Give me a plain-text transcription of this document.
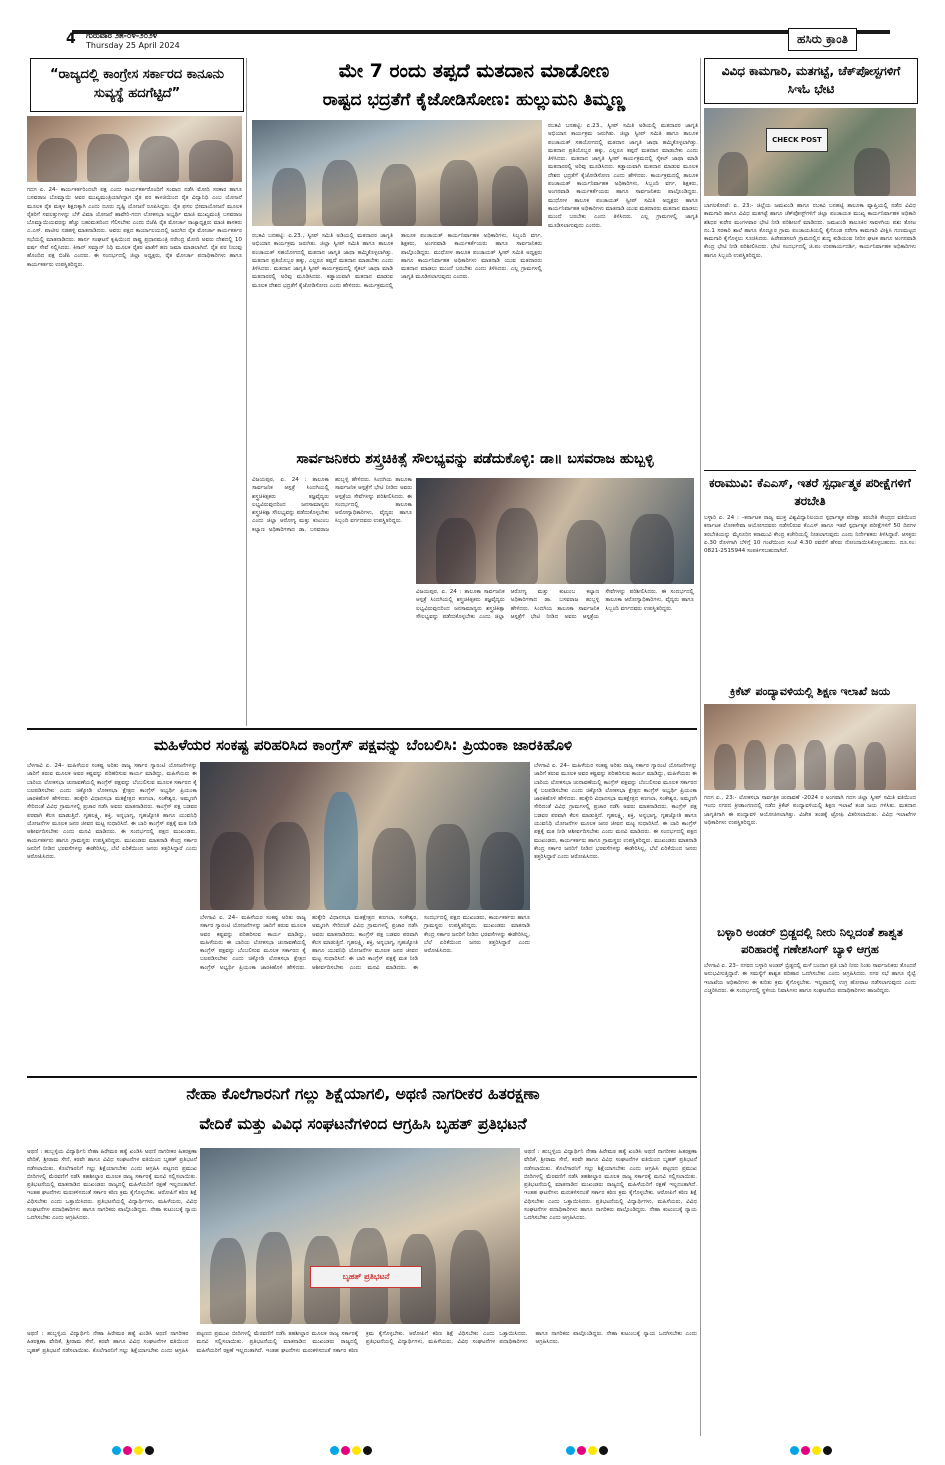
4 ಗುರುವಾರ ೨೫-೦೪-೨೦೨೪
Thursday 25 April 2024	ಹಸಿರು ಕ್ರಾಂತಿ
“ರಾಜ್ಯದಲ್ಲಿ ಕಾಂಗ್ರೇಸ ಸರ್ಕಾರದ ಕಾನೂನು ಸುವ್ಯಸ್ಥೆ ಹದಗೆಟ್ಟಿದೆ”
ಗದಗ ಏ. 24- ಕಾರ್ಯಕರ್ತರಿಂದಲೇ ಪಕ್ಷ ಎಂದು ಸಾರ್ಯಕರ್ತರೊಂದಿಗೆ ಸಂವಾದ ನಡೆಸಿ ಮೋದಿ ಸರಕಾರ ಹಾಗೂ ಬಸವರಾಜ ಬೊಮ್ಮಾಯಿ ಅವರ ಮುಖ್ಯಮಂತ್ರಿಯಾಗಿದ್ದಾಗ ರೈತ ಪರ ಕಾಳಜಿಯಿಂದ ರೈತ ವಿದ್ಯಾನಿಧಿ ಎಂಬ ಯೋಜನೆ ಮೂಲಕ ರೈತ ಮಕ್ಕಳ ಶಿಕ್ಷಣಕ್ಕಾಗಿ ಎಂದು ದೂರು ದೃಷ್ಟಿ ಯೋಜನೆ ರೂಪಿಸಿದ್ದರು. ರೈತ ಫಸಲ ಭೀಮಾಯೋಜನೆ ಮೂಲಕ ರೈತರಿಗೆ ಸವಲತ್ತುಗಳನ್ನು ಬೆಳೆ ವಿಮಾ ಯೋಜನೆ ಹಾವೇರಿ-ಗದಗ ಲೋಕಸಭಾ ಅಭ್ಯರ್ಥಿ ಮಾಜಿ ಮುಖ್ಯಮಂತ್ರಿ ಬಸವರಾಜ ಬೊಮ್ಮಾಯಿಯವರನ್ನು ಹೆಚ್ಚು ಬಹುಮತದಿಂದ ಗೆಲಿಸಬೇಕು ಎಂದು ಬಿಜೆಪಿ ರೈತ ಮೋರ್ಚಾ ರಾಜ್ಯಾಧ್ಯಕ್ಷರು ಮಾಜಿ ಶಾಸಕರು ಎ.ಎಸ್. ಪಾಟೀಲ ನಡಹಳ್ಳಿ ಮಾತನಾಡಿದರು. ಅವರು ಪಕ್ಷದ ಕಾರ್ಯಾಲಯದಲ್ಲಿ ಜರುಗಿದ ರೈತ ಮೋರ್ಚಾ ಕಾರ್ಯಕರ್ತರ ಸಭೆಯಲ್ಲಿ ಮಾತನಾಡಿದರು. ಹಾರ್ನ ಸಂಘಟನೆ ಕೃಷಿಯಿಂದ ರಾಷ್ಟ್ರ ಪ್ರಧಾನಮಂತ್ರಿ ನರೇಂದ್ರ ಮೋದಿ ಅವರು ದೇಶದಲ್ಲಿ 10 ವರ್ಷ ಸೇವೆ ಸಲ್ಲಿಸಿದರು. ಕಿಸಾನ್ ಸಮ್ಮಾನ್ ನಿಧಿ ಮೂಲಕ ರೈತರ ಖಾತೆಗೆ ಹಣ ಜಮಾ ಮಾಡಲಾಗಿದೆ. ರೈತ ಪರ ನಿಲುವು ಹೊಂದಿದ ಪಕ್ಷ ಬಿಜೆಪಿ ಎಂದರು. ಈ ಸಂದರ್ಭದಲ್ಲಿ ಜಿಲ್ಲಾ ಅಧ್ಯಕ್ಷರು, ರೈತ ಮೋರ್ಚಾ ಪದಾಧಿಕಾರಿಗಳು ಹಾಗೂ ಕಾರ್ಯಕರ್ತರು ಉಪಸ್ಥಿತರಿದ್ದರು.
ಮೇ 7 ರಂದು ತಪ್ಪದೆ ಮತದಾನ ಮಾಡೋಣ
ರಾಷ್ಟದ ಭದ್ರತೆಗೆ ಕೈಜೋಡಿಸೋಣ: ಹುಲ್ಲುಮನಿ ತಿಮ್ಮಣ್ಣ
ರಬಕವಿ ಬನಹಟ್ಟಿ: ಏ.23., ಸ್ವೀಪ್ ಸಮಿತಿ ಅಡಿಯಲ್ಲಿ ಮತದಾರರ ಜಾಗೃತಿ ಅಭಿಯಾನ ಕಾರ್ಯಕ್ರಮ ಜರುಗಿತು. ಜಿಲ್ಲಾ ಸ್ವೀಪ್ ಸಮಿತಿ ಹಾಗೂ ತಾಲೂಕ ಪಂಚಾಯತ್ ಸಹಯೋಗದಲ್ಲಿ ಮತದಾನ ಜಾಗೃತಿ ಜಾಥಾ ಹಮ್ಮಿಕೊಳ್ಳಲಾಗಿತ್ತು. ಮತದಾನ ಪ್ರತಿಯೊಬ್ಬರ ಹಕ್ಕು, ಎಲ್ಲರೂ ತಪ್ಪದೆ ಮತದಾನ ಮಾಡಬೇಕು ಎಂದು ತಿಳಿಸಿದರು. ಮತದಾನ ಜಾಗೃತಿ ಸ್ವೀಪ್ ಕಾರ್ಯಕ್ರಮದಲ್ಲಿ ಸೈಕಲ್ ಜಾಥಾ ಮಾಡಿ ಮತದಾರರಲ್ಲಿ ಅರಿವು ಮೂಡಿಸಿದರು. ಕಡ್ಡಾಯವಾಗಿ ಮತದಾನ ಮಾಡುವ ಮೂಲಕ ದೇಶದ ಭದ್ರತೆಗೆ ಕೈಜೋಡಿಸೋಣ ಎಂದು ಹೇಳಿದರು. ಕಾರ್ಯಕ್ರಮದಲ್ಲಿ ತಾಲೂಕ ಪಂಚಾಯತ್ ಕಾರ್ಯನಿರ್ವಾಹಕ ಅಧಿಕಾರಿಗಳು, ಸಿಬ್ಬಂದಿ ವರ್ಗ, ಶಿಕ್ಷಕರು, ಅಂಗನವಾಡಿ ಕಾರ್ಯಕರ್ತೆಯರು ಹಾಗೂ ಸಾರ್ವಜನಿಕರು ಪಾಲ್ಗೊಂಡಿದ್ದರು. ಮುಧೋಳ ತಾಲೂಕ ಪಂಚಾಯತ್ ಸ್ವೀಪ್ ಸಮಿತಿ ಅಧ್ಯಕ್ಷರು ಹಾಗೂ ಕಾರ್ಯನಿರ್ವಾಹಕ ಅಧಿಕಾರಿಗಳು ಮಾತನಾಡಿ ಯುವ ಮತದಾರರು ಮತದಾನ ಮಾಡಲು ಮುಂದೆ ಬರಬೇಕು ಎಂದು ತಿಳಿಸಿದರು. ಎಲ್ಲ ಗ್ರಾಮಗಳಲ್ಲಿ ಜಾಗೃತಿ ಮೂಡಿಸಲಾಗುವುದು ಎಂದರು.
ರಬಕವಿ ಬನಹಟ್ಟಿ: ಏ.23., ಸ್ವೀಪ್ ಸಮಿತಿ ಅಡಿಯಲ್ಲಿ ಮತದಾರರ ಜಾಗೃತಿ ಅಭಿಯಾನ ಕಾರ್ಯಕ್ರಮ ಜರುಗಿತು. ಜಿಲ್ಲಾ ಸ್ವೀಪ್ ಸಮಿತಿ ಹಾಗೂ ತಾಲೂಕ ಪಂಚಾಯತ್ ಸಹಯೋಗದಲ್ಲಿ ಮತದಾನ ಜಾಗೃತಿ ಜಾಥಾ ಹಮ್ಮಿಕೊಳ್ಳಲಾಗಿತ್ತು. ಮತದಾನ ಪ್ರತಿಯೊಬ್ಬರ ಹಕ್ಕು, ಎಲ್ಲರೂ ತಪ್ಪದೆ ಮತದಾನ ಮಾಡಬೇಕು ಎಂದು ತಿಳಿಸಿದರು. ಮತದಾನ ಜಾಗೃತಿ ಸ್ವೀಪ್ ಕಾರ್ಯಕ್ರಮದಲ್ಲಿ ಸೈಕಲ್ ಜಾಥಾ ಮಾಡಿ ಮತದಾರರಲ್ಲಿ ಅರಿವು ಮೂಡಿಸಿದರು. ಕಡ್ಡಾಯವಾಗಿ ಮತದಾನ ಮಾಡುವ ಮೂಲಕ ದೇಶದ ಭದ್ರತೆಗೆ ಕೈಜೋಡಿಸೋಣ ಎಂದು ಹೇಳಿದರು. ಕಾರ್ಯಕ್ರಮದಲ್ಲಿ ತಾಲೂಕ ಪಂಚಾಯತ್ ಕಾರ್ಯನಿರ್ವಾಹಕ ಅಧಿಕಾರಿಗಳು, ಸಿಬ್ಬಂದಿ ವರ್ಗ, ಶಿಕ್ಷಕರು, ಅಂಗನವಾಡಿ ಕಾರ್ಯಕರ್ತೆಯರು ಹಾಗೂ ಸಾರ್ವಜನಿಕರು ಪಾಲ್ಗೊಂಡಿದ್ದರು. ಮುಧೋಳ ತಾಲೂಕ ಪಂಚಾಯತ್ ಸ್ವೀಪ್ ಸಮಿತಿ ಅಧ್ಯಕ್ಷರು ಹಾಗೂ ಕಾರ್ಯನಿರ್ವಾಹಕ ಅಧಿಕಾರಿಗಳು ಮಾತನಾಡಿ ಯುವ ಮತದಾರರು ಮತದಾನ ಮಾಡಲು ಮುಂದೆ ಬರಬೇಕು ಎಂದು ತಿಳಿಸಿದರು. ಎಲ್ಲ ಗ್ರಾಮಗಳಲ್ಲಿ ಜಾಗೃತಿ ಮೂಡಿಸಲಾಗುವುದು ಎಂದರು.
ಸಾರ್ವಜನಿಕರು ಶಸ್ತ್ರಚಿಕಿತ್ಸೆ ಸೌಲಭ್ಯವನ್ನು ಪಡೆದುಕೊಳ್ಳಿ: ಡಾ॥ ಬಸವರಾಜ ಹುಬ್ಬಳ್ಳಿ
ವಿಜಯಪುರ, ಏ. 24 : ತಾಲೂಕಾ ಸಾರ್ವಜನಿಕ ಆಸ್ಪತ್ರೆ ಸಿಂದಗಿಯಲ್ಲಿ ಶಸ್ತ್ರಚಿಕಿತ್ಸಕರು ತಜ್ಞವೈದ್ಯರು ಲಭ್ಯವಿರುವುದರಿಂದ ಜನಸಾಮಾನ್ಯರು ಶಸ್ತ್ರಚಿಕಿತ್ಸಾ ಸೌಲಭ್ಯವನ್ನು ಪಡೆದುಕೊಳ್ಳಬೇಕು ಎಂದು ಜಿಲ್ಲಾ ಆರೋಗ್ಯ ಮತ್ತು ಕುಟುಂಬ ಕಲ್ಯಾಣ ಅಧಿಕಾರಿಗಳಾದ ಡಾ. ಬಸವರಾಜ ಹುಬ್ಬಳ್ಳಿ ಹೇಳಿದರು. ಸಿಂದಗಿಯ ತಾಲೂಕಾ ಸಾರ್ವಜನಿಕ ಆಸ್ಪತ್ರೆಗೆ ಭೇಟಿ ನೀಡಿದ ಅವರು ಆಸ್ಪತ್ರೆಯ ಸೇವೆಗಳನ್ನು ಪರಿಶೀಲಿಸಿದರು. ಈ ಸಂದರ್ಭದಲ್ಲಿ ತಾಲೂಕಾ ಆರೋಗ್ಯಾಧಿಕಾರಿಗಳು, ವೈದ್ಯರು ಹಾಗೂ ಸಿಬ್ಬಂದಿ ವರ್ಗದವರು ಉಪಸ್ಥಿತರಿದ್ದರು.
ವಿಜಯಪುರ, ಏ. 24 : ತಾಲೂಕಾ ಸಾರ್ವಜನಿಕ ಆಸ್ಪತ್ರೆ ಸಿಂದಗಿಯಲ್ಲಿ ಶಸ್ತ್ರಚಿಕಿತ್ಸಕರು ತಜ್ಞವೈದ್ಯರು ಲಭ್ಯವಿರುವುದರಿಂದ ಜನಸಾಮಾನ್ಯರು ಶಸ್ತ್ರಚಿಕಿತ್ಸಾ ಸೌಲಭ್ಯವನ್ನು ಪಡೆದುಕೊಳ್ಳಬೇಕು ಎಂದು ಜಿಲ್ಲಾ ಆರೋಗ್ಯ ಮತ್ತು ಕುಟುಂಬ ಕಲ್ಯಾಣ ಅಧಿಕಾರಿಗಳಾದ ಡಾ. ಬಸವರಾಜ ಹುಬ್ಬಳ್ಳಿ ಹೇಳಿದರು. ಸಿಂದಗಿಯ ತಾಲೂಕಾ ಸಾರ್ವಜನಿಕ ಆಸ್ಪತ್ರೆಗೆ ಭೇಟಿ ನೀಡಿದ ಅವರು ಆಸ್ಪತ್ರೆಯ ಸೇವೆಗಳನ್ನು ಪರಿಶೀಲಿಸಿದರು. ಈ ಸಂದರ್ಭದಲ್ಲಿ ತಾಲೂಕಾ ಆರೋಗ್ಯಾಧಿಕಾರಿಗಳು, ವೈದ್ಯರು ಹಾಗೂ ಸಿಬ್ಬಂದಿ ವರ್ಗದವರು ಉಪಸ್ಥಿತರಿದ್ದರು.
ವಿವಿಧ ಕಾಮಗಾರಿ, ಮತಗಟ್ಟೆ, ಚೆಕ್‌ಪೋಸ್ಟಗಳಿಗೆ ಸಿಇಓ ಭೇಟಿ
CHECK POST
ಬಾಗಲಕೋಟೆ: ಏ. 23:- ಜಿಲ್ಲೆಯ ಜಮಖಂಡಿ ಹಾಗೂ ರಬಕವಿ ಬನಹಟ್ಟಿ ತಾಲೂಕಾ ವ್ಯಾಪ್ತಿಯಲ್ಲಿ ನಡೆದ ವಿವಿಧ ಕಾಮಗಾರಿ ಹಾಗೂ ವಿವಿಧ ಮತಗಟ್ಟೆ ಹಾಗೂ ಚೆಕ್‌ಪೋಸ್ಟ್‌ಗಳಿಗೆ ಜಿಲ್ಲಾ ಪಂಚಾಯತ ಮುಖ್ಯ ಕಾರ್ಯನಿರ್ವಾಹಕ ಅಧಿಕಾರಿ ಶಶಿಧರ ಕುರೇರ ಮಂಗಳವಾರ ಭೇಟಿ ನೀಡಿ ಪರಿಶೀಲನೆ ಮಾಡಿದರು. ಜಮಖಂಡಿ ತಾಲೂಕಿನ ಸಾವಳಗಿಯ ಪಶು ತೋಟ ನಂ.1 ಸರಕಾರಿ ಶಾಲೆ ಹಾಗೂ ಕೊಣ್ಣೂರ ಗ್ರಾಮ ಪಂಚಾಯತಿಯಲ್ಲಿ ಕೈಗೊಂಡ ನರೇಗಾ ಕಾಮಗಾರಿ ವೀಕ್ಷಿಸಿ ಗುಣಮಟ್ಟದ ಕಾಮಗಾರಿ ಕೈಗೊಳ್ಳಲು ಸೂಚಿಸಿದರು. ಹಿರೇಪಡಸಲಗಿ ಗ್ರಾಮದಲ್ಲಿನ ಶುದ್ದ ಕುಡಿಯುವ ನೀರಿನ ಘಟಕ ಹಾಗೂ ಅಂಗನವಾಡಿ ಕೇಂದ್ರ ಭೇಟಿ ನೀಡಿ ಪರಿಶೀಲಿಸಿದರು. ಭೇಟಿ ಸಂದರ್ಭದಲ್ಲಿ ಜಿ.ಪಂ ಉಪಕಾರ್ಯದರ್ಶಿ, ಕಾರ್ಯನಿರ್ವಾಹಕ ಅಧಿಕಾರಿಗಳು ಹಾಗೂ ಸಿಬ್ಬಂದಿ ಉಪಸ್ಥಿತರಿದ್ದರು.
ಕರಾಮುವಿ: ಕೆಎಎಸ್, ಇತರೆ ಸ್ಪರ್ಧಾತ್ಮಕ ಪರೀಕ್ಷೆಗಳಿಗೆ ತರಬೇತಿ
ಬಳ್ಳಾರಿ ಏ. 24 : –ಕರ್ನಾಟಕ ರಾಜ್ಯ ಮುಕ್ತ ವಿಶ್ವವಿದ್ಯಾನಿಲಯದ ಸ್ಪರ್ಧಾತ್ಮಕ ಪರೀಕ್ಷಾ ತರಬೇತಿ ಕೇಂದ್ರದ ವತಿಯಿಂದ ಕರ್ನಾಟಕ ಲೋಕಸೇವಾ ಆಯೋಗದವರು ನಡೆಸಲಿರುವ ಕೆಎಎಸ್ ಹಾಗೂ ಇತರೆ ಸ್ಪರ್ಧಾತ್ಮಕ ಪರೀಕ್ಷೆಗಳಿಗೆ 50 ದಿನಗಳ ತರಬೇತಿಯನ್ನು ಮೈಸೂರಿನ ಕರಾಮುವಿ ಕೇಂದ್ರ ಕಚೇರಿಯಲ್ಲಿ ನೀಡಲಾಗುವುದು ಎಂದು ನಿರ್ದೇಶಕರು ತಿಳಿಸಿದ್ದಾರೆ. ಆಸಕ್ತರು ಏ.30 ರೊಳಗಾಗಿ ಬೆಳಿಗ್ಗೆ 10 ಗಂಟೆಯಿಂದ ಸಂಜೆ 4.30 ರವರೆಗೆ ಹೆಸರು ನೋಂದಾಯಿಸಿಕೊಳ್ಳಬಹುದು. ದೂ.ಸಂ: 0821-2515944 ಸಂಪರ್ಕಿಸಬಹುದಾಗಿದೆ.
ಕ್ರಿಕೆಟ್ ಪಂದ್ಯಾವಳಿಯಲ್ಲಿ ಶಿಕ್ಷಣ ಇಲಾಖೆ ಜಯ
ಗದಗ ಏ., 23:- ಲೋಕಸಭಾ ಸಾರ್ವತ್ರಿಕ ಚುನಾವಣೆ -2024 ರ ಅಂಗವಾಗಿ ಗದಗ ಜಿಲ್ಲಾ ಸ್ವೀಪ್ ಸಮಿತಿ ವತಿಯಿಂದ ಇಂದು ನಗರದ ಕ್ರೀಡಾಂಗಣದಲ್ಲಿ ನಡೆದ ಕ್ರಿಕೆಟ್ ಪಂದ್ಯಾವಳಿಯಲ್ಲಿ ಶಿಕ್ಷಣ ಇಲಾಖೆ ತಂಡ ಜಯ ಗಳಿಸಿತು. ಮತದಾನ ಜಾಗೃತಿಗಾಗಿ ಈ ಪಂದ್ಯಾವಳಿ ಆಯೋಜಿಸಲಾಗಿತ್ತು. ವಿಜೇತ ತಂಡಕ್ಕೆ ಟ್ರೋಫಿ ವಿತರಿಸಲಾಯಿತು. ವಿವಿಧ ಇಲಾಖೆಗಳ ಅಧಿಕಾರಿಗಳು ಉಪಸ್ಥಿತರಿದ್ದರು.
ಬಳ್ಳಾರಿ ಅಂಡರ್ ಬ್ರಿಡ್ಜದಲ್ಲಿ ನೀರು ನಿಲ್ಲದಂತೆ ಶಾಶ್ವತ ಪರಿಹಾರಕ್ಕೆ ಗಣೇಶಸಿಂಗ್ ಬ್ಯಾಳಿ ಆಗ್ರಹ
ಬೆಳಗಾವಿ ಏ. 23– ನಗರದ ಬಳ್ಳಾರಿ ಅಂಡರ್ ಬ್ರಿಡ್ಜದಲ್ಲಿ ಮಳೆ ಬಂದಾಗ ಪ್ರತಿ ಬಾರಿ ನೀರು ನಿಂತು ಸಾರ್ವಜನಿಕರು ತೊಂದರೆ ಅನುಭವಿಸುತ್ತಿದ್ದಾರೆ. ಈ ಸಮಸ್ಯೆಗೆ ಶಾಶ್ವತ ಪರಿಹಾರ ಒದಗಿಸಬೇಕು ಎಂದು ಆಗ್ರಹಿಸಿದರು. ನಗರ ಸಭೆ ಹಾಗೂ ರೈಲ್ವೆ ಇಲಾಖೆಯ ಅಧಿಕಾರಿಗಳು ಈ ಕುರಿತು ಕ್ರಮ ಕೈಗೊಳ್ಳಬೇಕು. ಇಲ್ಲವಾದಲ್ಲಿ ಉಗ್ರ ಹೋರಾಟ ನಡೆಸಲಾಗುವುದು ಎಂದು ಎಚ್ಚರಿಸಿದರು. ಈ ಸಂದರ್ಭದಲ್ಲಿ ಸ್ಥಳೀಯ ನಿವಾಸಿಗಳು ಹಾಗೂ ಸಂಘಟನೆಯ ಪದಾಧಿಕಾರಿಗಳು ಹಾಜರಿದ್ದರು.
ಮಹಿಳೆಯರ ಸಂಕಷ್ಟ ಪರಿಹರಿಸಿದ ಕಾಂಗ್ರೆಸ್ ಪಕ್ಷವನ್ನು ಬೆಂಬಲಿಸಿ: ಪ್ರಿಯಂಕಾ ಜಾರಕಿಹೊಳಿ
ಬೆಳಗಾವಿ ಏ. 24– ಮಹಿಳೆಯರ ಸಂಕಷ್ಟ ಅರಿತು ರಾಜ್ಯ ಸರ್ಕಾರ ಗ್ಯಾರಂಟಿ ಯೋಜನೆಗಳನ್ನು ಜಾರಿಗೆ ತರುವ ಮೂಲಕ ಅವರ ಕಷ್ಟವನ್ನು ಪರಿಹರಿಸುವ ಕಾರ್ಯ ಮಾಡಿದ್ದು, ಮಹಿಳೆಯರು ಈ ಬಾರಿಯ ಲೋಕಸಭಾ ಚುನಾವಣೆಯಲ್ಲಿ ಕಾಂಗ್ರೆಸ್ ಪಕ್ಷವನ್ನು ಬೆಂಬಲಿಸುವ ಮೂಲಕ ಸರ್ಕಾರದ ಕೈ ಬಲಪಡಿಸಬೇಕು ಎಂದು ಚಿಕ್ಕೋಡಿ ಲೋಕಸಭಾ ಕ್ಷೇತ್ರದ ಕಾಂಗ್ರೆಸ್ ಅಭ್ಯರ್ಥಿ ಪ್ರಿಯಂಕಾ ಜಾರಕಿಹೊಳಿ ಹೇಳಿದರು. ಹುಕ್ಕೇರಿ ವಿಧಾನಸಭಾ ಮತಕ್ಷೇತ್ರದ ಕಣಗಲಾ, ಸಂಕೇಶ್ವರ, ಅಮ್ಮಣಗಿ ಸೇರಿದಂತೆ ವಿವಿಧ ಗ್ರಾಮಗಳಲ್ಲಿ ಪ್ರಚಾರ ನಡೆಸಿ ಅವರು ಮಾತನಾಡಿದರು. ಕಾಂಗ್ರೆಸ್ ಪಕ್ಷ ಬಡವರ ಪರವಾಗಿ ಕೆಲಸ ಮಾಡುತ್ತಿದೆ. ಗೃಹಲಕ್ಷ್ಮಿ, ಶಕ್ತಿ, ಅನ್ನಭಾಗ್ಯ, ಗೃಹಜ್ಯೋತಿ ಹಾಗೂ ಯುವನಿಧಿ ಯೋಜನೆಗಳ ಮೂಲಕ ಜನರ ಜೀವನ ಮಟ್ಟ ಸುಧಾರಿಸಿದೆ. ಈ ಬಾರಿ ಕಾಂಗ್ರೆಸ್ ಪಕ್ಷಕ್ಕೆ ಮತ ನೀಡಿ ಆಶೀರ್ವದಿಸಬೇಕು ಎಂದು ಮನವಿ ಮಾಡಿದರು. ಈ ಸಂದರ್ಭದಲ್ಲಿ ಪಕ್ಷದ ಮುಖಂಡರು, ಕಾರ್ಯಕರ್ತರು ಹಾಗೂ ಗ್ರಾಮಸ್ಥರು ಉಪಸ್ಥಿತರಿದ್ದರು. ಮುಖಂಡರು ಮಾತನಾಡಿ ಕೇಂದ್ರ ಸರ್ಕಾರ ಜನರಿಗೆ ನೀಡಿದ ಭರವಸೆಗಳನ್ನು ಈಡೇರಿಸಿಲ್ಲ, ಬೆಲೆ ಏರಿಕೆಯಿಂದ ಜನರು ತತ್ತರಿಸಿದ್ದಾರೆ ಎಂದು ಆರೋಪಿಸಿದರು.
ಬೆಳಗಾವಿ ಏ. 24– ಮಹಿಳೆಯರ ಸಂಕಷ್ಟ ಅರಿತು ರಾಜ್ಯ ಸರ್ಕಾರ ಗ್ಯಾರಂಟಿ ಯೋಜನೆಗಳನ್ನು ಜಾರಿಗೆ ತರುವ ಮೂಲಕ ಅವರ ಕಷ್ಟವನ್ನು ಪರಿಹರಿಸುವ ಕಾರ್ಯ ಮಾಡಿದ್ದು, ಮಹಿಳೆಯರು ಈ ಬಾರಿಯ ಲೋಕಸಭಾ ಚುನಾವಣೆಯಲ್ಲಿ ಕಾಂಗ್ರೆಸ್ ಪಕ್ಷವನ್ನು ಬೆಂಬಲಿಸುವ ಮೂಲಕ ಸರ್ಕಾರದ ಕೈ ಬಲಪಡಿಸಬೇಕು ಎಂದು ಚಿಕ್ಕೋಡಿ ಲೋಕಸಭಾ ಕ್ಷೇತ್ರದ ಕಾಂಗ್ರೆಸ್ ಅಭ್ಯರ್ಥಿ ಪ್ರಿಯಂಕಾ ಜಾರಕಿಹೊಳಿ ಹೇಳಿದರು. ಹುಕ್ಕೇರಿ ವಿಧಾನಸಭಾ ಮತಕ್ಷೇತ್ರದ ಕಣಗಲಾ, ಸಂಕೇಶ್ವರ, ಅಮ್ಮಣಗಿ ಸೇರಿದಂತೆ ವಿವಿಧ ಗ್ರಾಮಗಳಲ್ಲಿ ಪ್ರಚಾರ ನಡೆಸಿ ಅವರು ಮಾತನಾಡಿದರು. ಕಾಂಗ್ರೆಸ್ ಪಕ್ಷ ಬಡವರ ಪರವಾಗಿ ಕೆಲಸ ಮಾಡುತ್ತಿದೆ. ಗೃಹಲಕ್ಷ್ಮಿ, ಶಕ್ತಿ, ಅನ್ನಭಾಗ್ಯ, ಗೃಹಜ್ಯೋತಿ ಹಾಗೂ ಯುವನಿಧಿ ಯೋಜನೆಗಳ ಮೂಲಕ ಜನರ ಜೀವನ ಮಟ್ಟ ಸುಧಾರಿಸಿದೆ. ಈ ಬಾರಿ ಕಾಂಗ್ರೆಸ್ ಪಕ್ಷಕ್ಕೆ ಮತ ನೀಡಿ ಆಶೀರ್ವದಿಸಬೇಕು ಎಂದು ಮನವಿ ಮಾಡಿದರು. ಈ ಸಂದರ್ಭದಲ್ಲಿ ಪಕ್ಷದ ಮುಖಂಡರು, ಕಾರ್ಯಕರ್ತರು ಹಾಗೂ ಗ್ರಾಮಸ್ಥರು ಉಪಸ್ಥಿತರಿದ್ದರು. ಮುಖಂಡರು ಮಾತನಾಡಿ ಕೇಂದ್ರ ಸರ್ಕಾರ ಜನರಿಗೆ ನೀಡಿದ ಭರವಸೆಗಳನ್ನು ಈಡೇರಿಸಿಲ್ಲ, ಬೆಲೆ ಏರಿಕೆಯಿಂದ ಜನರು ತತ್ತರಿಸಿದ್ದಾರೆ ಎಂದು ಆರೋಪಿಸಿದರು.
ಬೆಳಗಾವಿ ಏ. 24– ಮಹಿಳೆಯರ ಸಂಕಷ್ಟ ಅರಿತು ರಾಜ್ಯ ಸರ್ಕಾರ ಗ್ಯಾರಂಟಿ ಯೋಜನೆಗಳನ್ನು ಜಾರಿಗೆ ತರುವ ಮೂಲಕ ಅವರ ಕಷ್ಟವನ್ನು ಪರಿಹರಿಸುವ ಕಾರ್ಯ ಮಾಡಿದ್ದು, ಮಹಿಳೆಯರು ಈ ಬಾರಿಯ ಲೋಕಸಭಾ ಚುನಾವಣೆಯಲ್ಲಿ ಕಾಂಗ್ರೆಸ್ ಪಕ್ಷವನ್ನು ಬೆಂಬಲಿಸುವ ಮೂಲಕ ಸರ್ಕಾರದ ಕೈ ಬಲಪಡಿಸಬೇಕು ಎಂದು ಚಿಕ್ಕೋಡಿ ಲೋಕಸಭಾ ಕ್ಷೇತ್ರದ ಕಾಂಗ್ರೆಸ್ ಅಭ್ಯರ್ಥಿ ಪ್ರಿಯಂಕಾ ಜಾರಕಿಹೊಳಿ ಹೇಳಿದರು. ಹುಕ್ಕೇರಿ ವಿಧಾನಸಭಾ ಮತಕ್ಷೇತ್ರದ ಕಣಗಲಾ, ಸಂಕೇಶ್ವರ, ಅಮ್ಮಣಗಿ ಸೇರಿದಂತೆ ವಿವಿಧ ಗ್ರಾಮಗಳಲ್ಲಿ ಪ್ರಚಾರ ನಡೆಸಿ ಅವರು ಮಾತನಾಡಿದರು. ಕಾಂಗ್ರೆಸ್ ಪಕ್ಷ ಬಡವರ ಪರವಾಗಿ ಕೆಲಸ ಮಾಡುತ್ತಿದೆ. ಗೃಹಲಕ್ಷ್ಮಿ, ಶಕ್ತಿ, ಅನ್ನಭಾಗ್ಯ, ಗೃಹಜ್ಯೋತಿ ಹಾಗೂ ಯುವನಿಧಿ ಯೋಜನೆಗಳ ಮೂಲಕ ಜನರ ಜೀವನ ಮಟ್ಟ ಸುಧಾರಿಸಿದೆ. ಈ ಬಾರಿ ಕಾಂಗ್ರೆಸ್ ಪಕ್ಷಕ್ಕೆ ಮತ ನೀಡಿ ಆಶೀರ್ವದಿಸಬೇಕು ಎಂದು ಮನವಿ ಮಾಡಿದರು. ಈ ಸಂದರ್ಭದಲ್ಲಿ ಪಕ್ಷದ ಮುಖಂಡರು, ಕಾರ್ಯಕರ್ತರು ಹಾಗೂ ಗ್ರಾಮಸ್ಥರು ಉಪಸ್ಥಿತರಿದ್ದರು. ಮುಖಂಡರು ಮಾತನಾಡಿ ಕೇಂದ್ರ ಸರ್ಕಾರ ಜನರಿಗೆ ನೀಡಿದ ಭರವಸೆಗಳನ್ನು ಈಡೇರಿಸಿಲ್ಲ, ಬೆಲೆ ಏರಿಕೆಯಿಂದ ಜನರು ತತ್ತರಿಸಿದ್ದಾರೆ ಎಂದು ಆರೋಪಿಸಿದರು.
ನೇಹಾ ಕೊಲೆಗಾರನಿಗೆ ಗಲ್ಲು ಶಿಕ್ಷೆಯಾಗಲಿ, ಅಥಣಿ ನಾಗರೀಕರ ಹಿತರಕ್ಷಣಾ
ವೇದಿಕೆ ಮತ್ತು ವಿವಿಧ ಸಂಘಟನೆಗಳಿಂದ ಆಗ್ರಹಿಸಿ ಬೃಹತ್ ಪ್ರತಿಭಟನೆ
ಅಥಣಿ : ಹುಬ್ಬಳ್ಳಿಯ ವಿದ್ಯಾರ್ಥಿನಿ ನೇಹಾ ಹಿರೇಮಠ ಹತ್ಯೆ ಖಂಡಿಸಿ ಅಥಣಿ ನಾಗರೀಕರ ಹಿತರಕ್ಷಣಾ ವೇದಿಕೆ, ಶ್ರೀರಾಮ ಸೇನೆ, ಕರವೇ ಹಾಗೂ ವಿವಿಧ ಸಂಘಟನೆಗಳ ವತಿಯಿಂದ ಬೃಹತ್ ಪ್ರತಿಭಟನೆ ನಡೆಸಲಾಯಿತು. ಕೊಲೆಗಾರನಿಗೆ ಗಲ್ಲು ಶಿಕ್ಷೆಯಾಗಬೇಕು ಎಂದು ಆಗ್ರಹಿಸಿ ಪಟ್ಟಣದ ಪ್ರಮುಖ ಬೀದಿಗಳಲ್ಲಿ ಮೆರವಣಿಗೆ ನಡೆಸಿ ತಹಶೀಲ್ದಾರ ಮೂಲಕ ರಾಜ್ಯ ಸರ್ಕಾರಕ್ಕೆ ಮನವಿ ಸಲ್ಲಿಸಲಾಯಿತು. ಪ್ರತಿಭಟನೆಯಲ್ಲಿ ಮಾತನಾಡಿದ ಮುಖಂಡರು ರಾಜ್ಯದಲ್ಲಿ ಮಹಿಳೆಯರಿಗೆ ರಕ್ಷಣೆ ಇಲ್ಲದಂತಾಗಿದೆ. ಇಂತಹ ಘಟನೆಗಳು ಮರುಕಳಿಸದಂತೆ ಸರ್ಕಾರ ಕಠಿಣ ಕ್ರಮ ಕೈಗೊಳ್ಳಬೇಕು. ಆರೋಪಿಗೆ ಕಠಿಣ ಶಿಕ್ಷೆ ವಿಧಿಸಬೇಕು ಎಂದು ಒತ್ತಾಯಿಸಿದರು. ಪ್ರತಿಭಟನೆಯಲ್ಲಿ ವಿದ್ಯಾರ್ಥಿಗಳು, ಮಹಿಳೆಯರು, ವಿವಿಧ ಸಂಘಟನೆಗಳ ಪದಾಧಿಕಾರಿಗಳು ಹಾಗೂ ನಾಗರಿಕರು ಪಾಲ್ಗೊಂಡಿದ್ದರು. ನೇಹಾ ಕುಟುಂಬಕ್ಕೆ ನ್ಯಾಯ ಒದಗಿಸಬೇಕು ಎಂದು ಆಗ್ರಹಿಸಿದರು.
ಬೃಹತ್ ಪ್ರತಿಭಟನೆ
ಅಥಣಿ : ಹುಬ್ಬಳ್ಳಿಯ ವಿದ್ಯಾರ್ಥಿನಿ ನೇಹಾ ಹಿರೇಮಠ ಹತ್ಯೆ ಖಂಡಿಸಿ ಅಥಣಿ ನಾಗರೀಕರ ಹಿತರಕ್ಷಣಾ ವೇದಿಕೆ, ಶ್ರೀರಾಮ ಸೇನೆ, ಕರವೇ ಹಾಗೂ ವಿವಿಧ ಸಂಘಟನೆಗಳ ವತಿಯಿಂದ ಬೃಹತ್ ಪ್ರತಿಭಟನೆ ನಡೆಸಲಾಯಿತು. ಕೊಲೆಗಾರನಿಗೆ ಗಲ್ಲು ಶಿಕ್ಷೆಯಾಗಬೇಕು ಎಂದು ಆಗ್ರಹಿಸಿ ಪಟ್ಟಣದ ಪ್ರಮುಖ ಬೀದಿಗಳಲ್ಲಿ ಮೆರವಣಿಗೆ ನಡೆಸಿ ತಹಶೀಲ್ದಾರ ಮೂಲಕ ರಾಜ್ಯ ಸರ್ಕಾರಕ್ಕೆ ಮನವಿ ಸಲ್ಲಿಸಲಾಯಿತು. ಪ್ರತಿಭಟನೆಯಲ್ಲಿ ಮಾತನಾಡಿದ ಮುಖಂಡರು ರಾಜ್ಯದಲ್ಲಿ ಮಹಿಳೆಯರಿಗೆ ರಕ್ಷಣೆ ಇಲ್ಲದಂತಾಗಿದೆ. ಇಂತಹ ಘಟನೆಗಳು ಮರುಕಳಿಸದಂತೆ ಸರ್ಕಾರ ಕಠಿಣ ಕ್ರಮ ಕೈಗೊಳ್ಳಬೇಕು. ಆರೋಪಿಗೆ ಕಠಿಣ ಶಿಕ್ಷೆ ವಿಧಿಸಬೇಕು ಎಂದು ಒತ್ತಾಯಿಸಿದರು. ಪ್ರತಿಭಟನೆಯಲ್ಲಿ ವಿದ್ಯಾರ್ಥಿಗಳು, ಮಹಿಳೆಯರು, ವಿವಿಧ ಸಂಘಟನೆಗಳ ಪದಾಧಿಕಾರಿಗಳು ಹಾಗೂ ನಾಗರಿಕರು ಪಾಲ್ಗೊಂಡಿದ್ದರು. ನೇಹಾ ಕುಟುಂಬಕ್ಕೆ ನ್ಯಾಯ ಒದಗಿಸಬೇಕು ಎಂದು ಆಗ್ರಹಿಸಿದರು.
ಅಥಣಿ : ಹುಬ್ಬಳ್ಳಿಯ ವಿದ್ಯಾರ್ಥಿನಿ ನೇಹಾ ಹಿರೇಮಠ ಹತ್ಯೆ ಖಂಡಿಸಿ ಅಥಣಿ ನಾಗರೀಕರ ಹಿತರಕ್ಷಣಾ ವೇದಿಕೆ, ಶ್ರೀರಾಮ ಸೇನೆ, ಕರವೇ ಹಾಗೂ ವಿವಿಧ ಸಂಘಟನೆಗಳ ವತಿಯಿಂದ ಬೃಹತ್ ಪ್ರತಿಭಟನೆ ನಡೆಸಲಾಯಿತು. ಕೊಲೆಗಾರನಿಗೆ ಗಲ್ಲು ಶಿಕ್ಷೆಯಾಗಬೇಕು ಎಂದು ಆಗ್ರಹಿಸಿ ಪಟ್ಟಣದ ಪ್ರಮುಖ ಬೀದಿಗಳಲ್ಲಿ ಮೆರವಣಿಗೆ ನಡೆಸಿ ತಹಶೀಲ್ದಾರ ಮೂಲಕ ರಾಜ್ಯ ಸರ್ಕಾರಕ್ಕೆ ಮನವಿ ಸಲ್ಲಿಸಲಾಯಿತು. ಪ್ರತಿಭಟನೆಯಲ್ಲಿ ಮಾತನಾಡಿದ ಮುಖಂಡರು ರಾಜ್ಯದಲ್ಲಿ ಮಹಿಳೆಯರಿಗೆ ರಕ್ಷಣೆ ಇಲ್ಲದಂತಾಗಿದೆ. ಇಂತಹ ಘಟನೆಗಳು ಮರುಕಳಿಸದಂತೆ ಸರ್ಕಾರ ಕಠಿಣ ಕ್ರಮ ಕೈಗೊಳ್ಳಬೇಕು. ಆರೋಪಿಗೆ ಕಠಿಣ ಶಿಕ್ಷೆ ವಿಧಿಸಬೇಕು ಎಂದು ಒತ್ತಾಯಿಸಿದರು. ಪ್ರತಿಭಟನೆಯಲ್ಲಿ ವಿದ್ಯಾರ್ಥಿಗಳು, ಮಹಿಳೆಯರು, ವಿವಿಧ ಸಂಘಟನೆಗಳ ಪದಾಧಿಕಾರಿಗಳು ಹಾಗೂ ನಾಗರಿಕರು ಪಾಲ್ಗೊಂಡಿದ್ದರು. ನೇಹಾ ಕುಟುಂಬಕ್ಕೆ ನ್ಯಾಯ ಒದಗಿಸಬೇಕು ಎಂದು ಆಗ್ರಹಿಸಿದರು.
